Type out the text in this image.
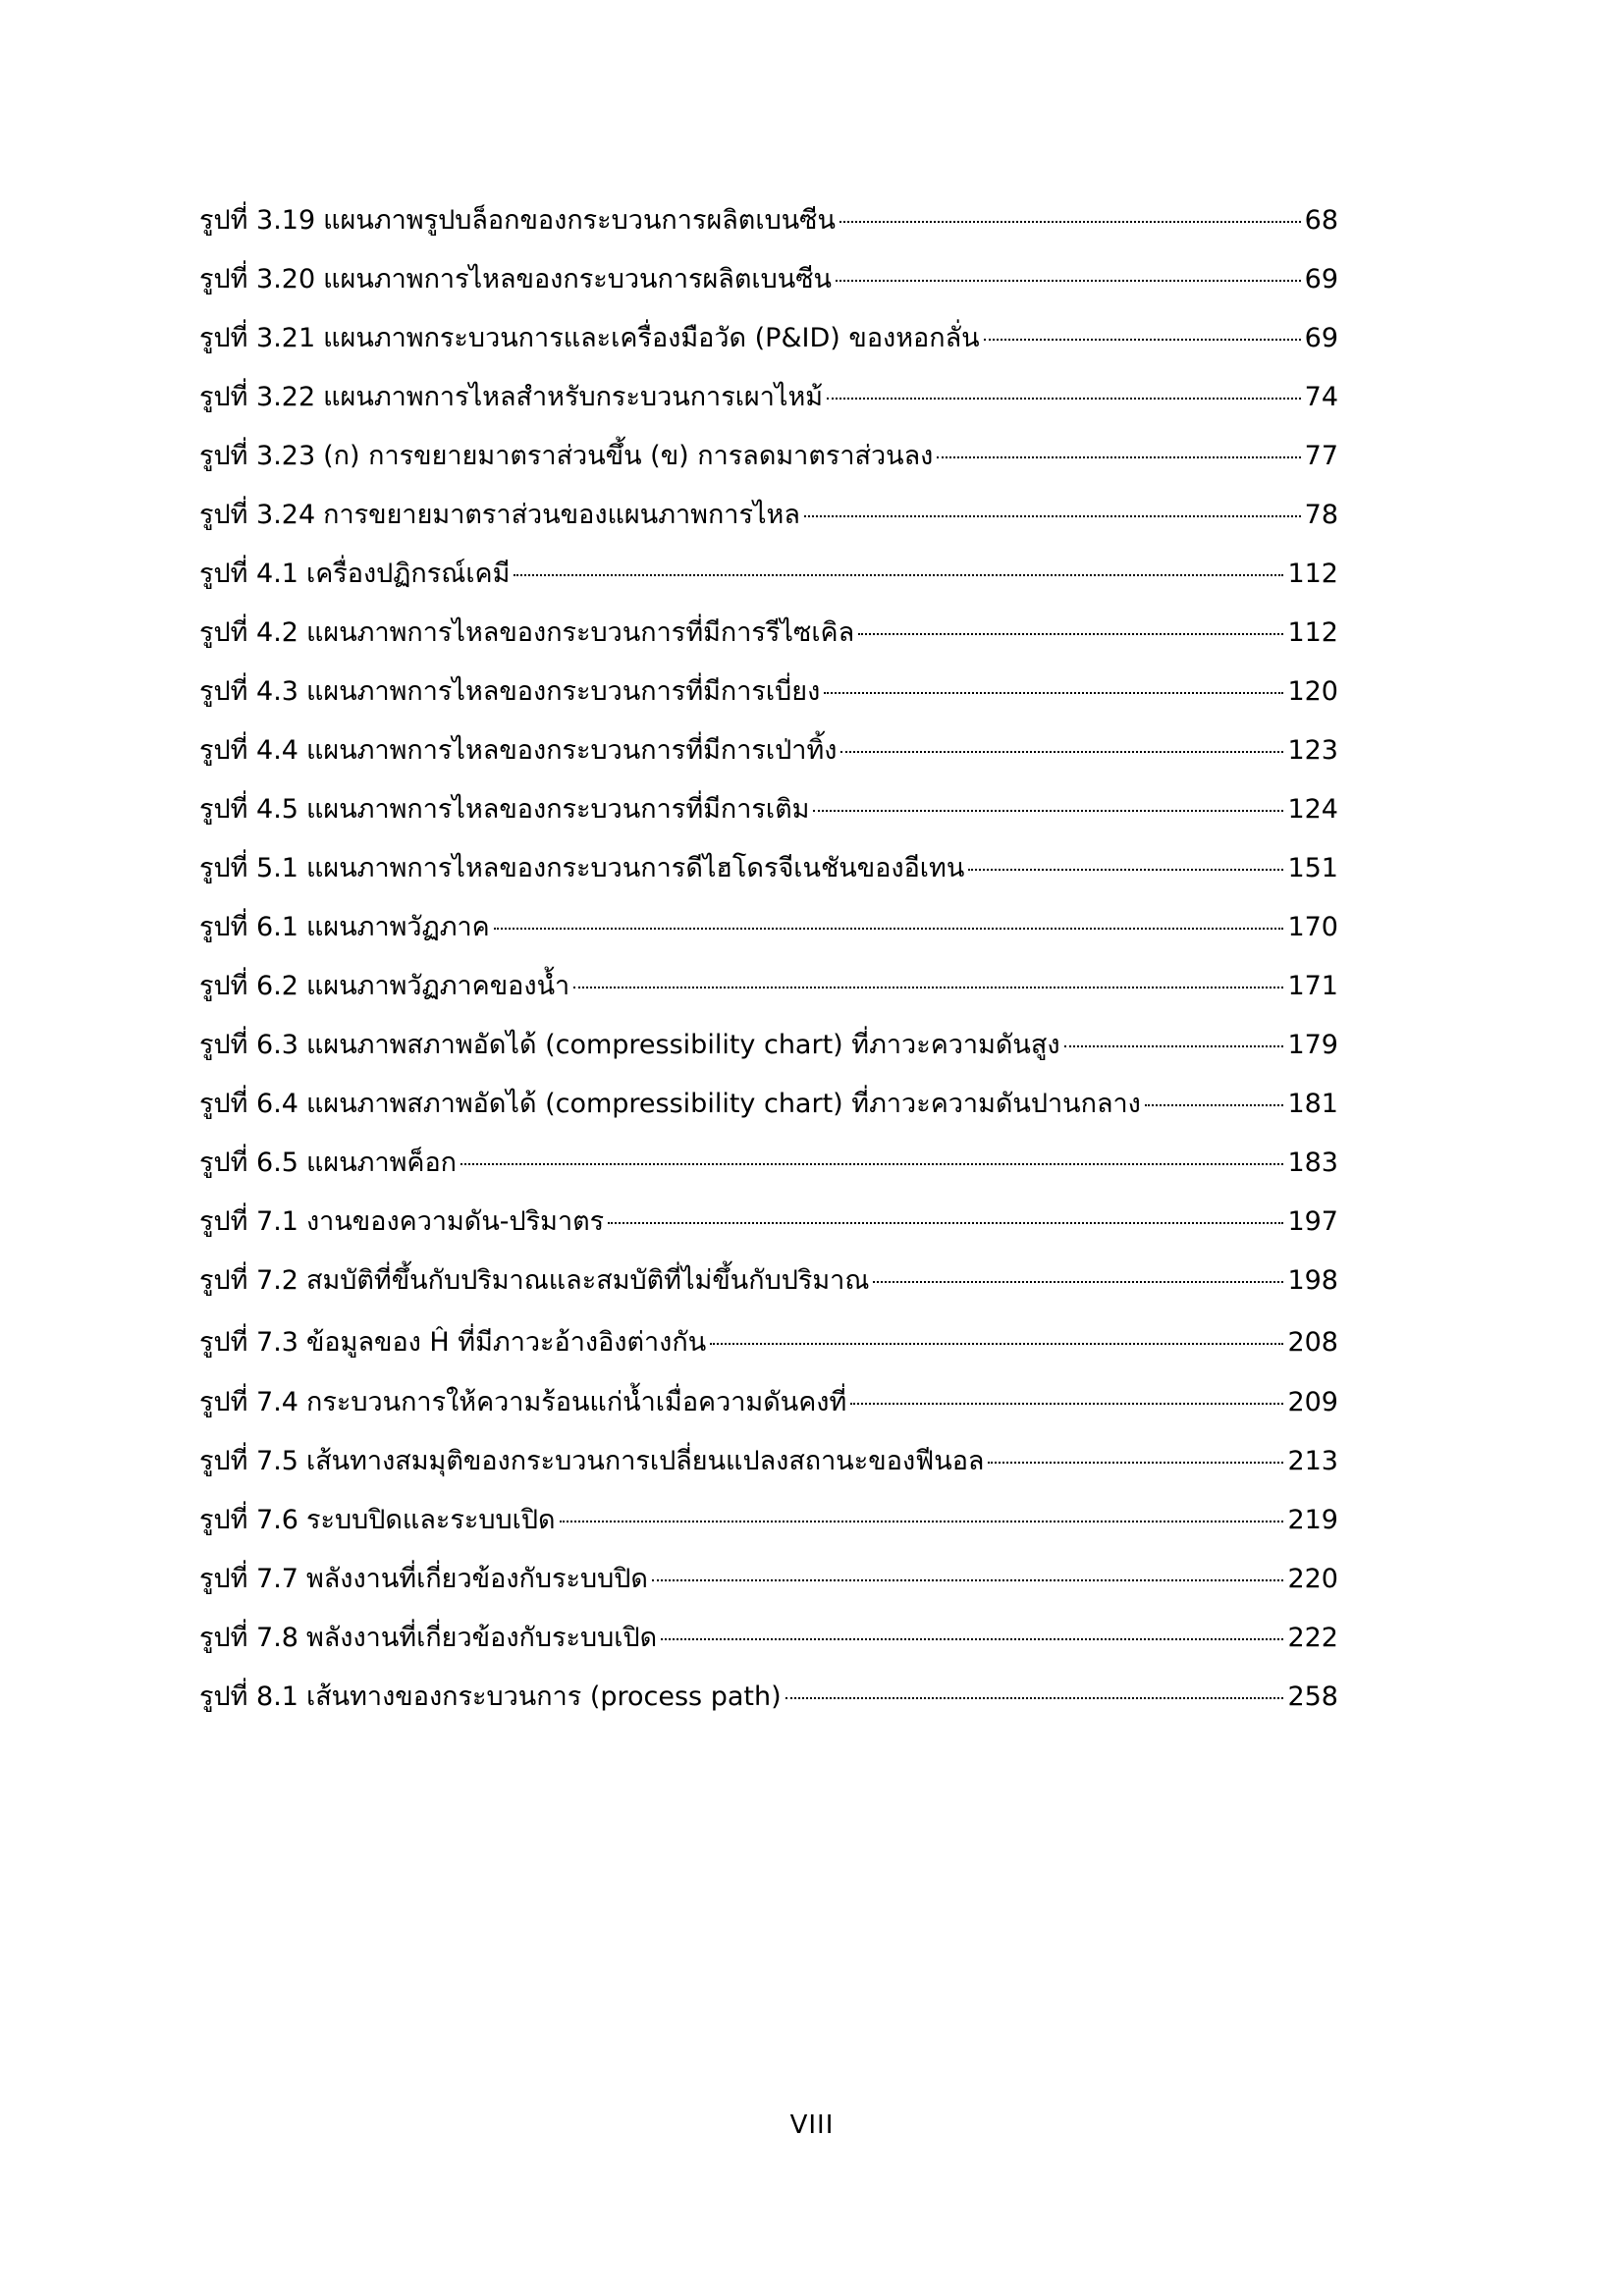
รูปที่ 3.19 แผนภาพรูปบล็อกของกระบวนการผลิตเบนซีน	68
รูปที่ 3.20 แผนภาพการไหลของกระบวนการผลิตเบนซีน	69
รูปที่ 3.21 แผนภาพกระบวนการและเครื่องมือวัด (P&ID) ของหอกลั่น	69
รูปที่ 3.22 แผนภาพการไหลสำหรับกระบวนการเผาไหม้	74
รูปที่ 3.23 (ก) การขยายมาตราส่วนขึ้น (ข) การลดมาตราส่วนลง	77
รูปที่ 3.24 การขยายมาตราส่วนของแผนภาพการไหล	78
รูปที่ 4.1 เครื่องปฏิกรณ์เคมี	112
รูปที่ 4.2 แผนภาพการไหลของกระบวนการที่มีการรีไซเคิล	112
รูปที่ 4.3 แผนภาพการไหลของกระบวนการที่มีการเบี่ยง	120
รูปที่ 4.4 แผนภาพการไหลของกระบวนการที่มีการเป่าทิ้ง	123
รูปที่ 4.5 แผนภาพการไหลของกระบวนการที่มีการเติม	124
รูปที่ 5.1 แผนภาพการไหลของกระบวนการดีไฮโดรจีเนชันของอีเทน	151
รูปที่ 6.1 แผนภาพวัฏภาค	170
รูปที่ 6.2 แผนภาพวัฏภาคของน้ำ	171
รูปที่ 6.3 แผนภาพสภาพอัดได้ (compressibility chart) ที่ภาวะความดันสูง	179
รูปที่ 6.4 แผนภาพสภาพอัดได้ (compressibility chart) ที่ภาวะความดันปานกลาง	181
รูปที่ 6.5 แผนภาพค็อก	183
รูปที่ 7.1 งานของความดัน-ปริมาตร	197
รูปที่ 7.2 สมบัติที่ขึ้นกับปริมาณและสมบัติที่ไม่ขึ้นกับปริมาณ	198
รูปที่ 7.3 ข้อมูลของ Ĥ ที่มีภาวะอ้างอิงต่างกัน	208
รูปที่ 7.4 กระบวนการให้ความร้อนแก่น้ำเมื่อความดันคงที่	209
รูปที่ 7.5 เส้นทางสมมุติของกระบวนการเปลี่ยนแปลงสถานะของฟีนอล	213
รูปที่ 7.6 ระบบปิดและระบบเปิด	219
รูปที่ 7.7 พลังงานที่เกี่ยวข้องกับระบบปิด	220
รูปที่ 7.8 พลังงานที่เกี่ยวข้องกับระบบเปิด	222
รูปที่ 8.1 เส้นทางของกระบวนการ (process path)	258
VIII
